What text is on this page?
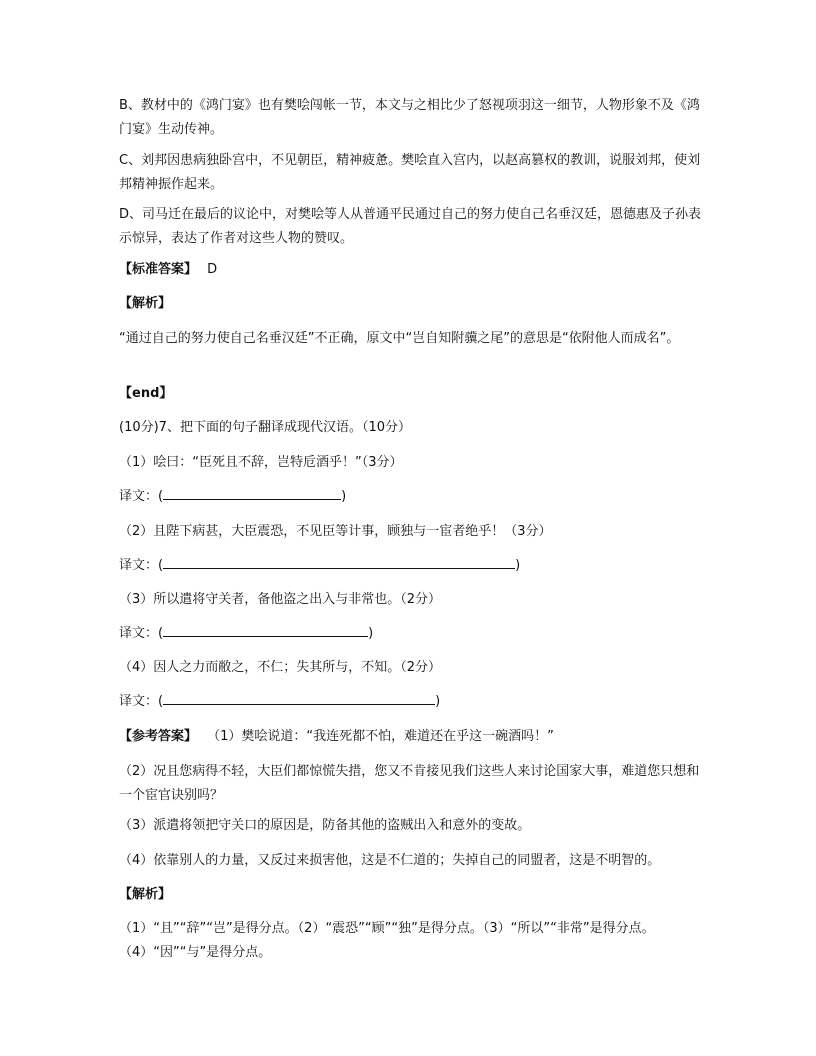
B、教材中的《鸿门宴》也有樊哙闯帐一节，本文与之相比少了怒视项羽这一细节，人物形象不及《鸿门宴》生动传神。
C、刘邦因患病独卧宫中，不见朝臣，精神疲惫。樊哙直入宫内，以赵高篡权的教训，说服刘邦，使刘邦精神振作起来。
D、司马迁在最后的议论中，对樊哙等人从普通平民通过自己的努力使自己名垂汉廷，恩德惠及子孙表示惊异，表达了作者对这些人物的赞叹。
【标准答案】 D
【解析】
“通过自己的努力使自己名垂汉廷”不正确，原文中“岂自知附骥之尾”的意思是“依附他人而成名”。
【end】
(10分)7、把下面的句子翻译成现代汉语。（10分）
（1）哙曰：“臣死且不辞，岂特卮酒乎！”（3分）
译文：(	)
（2）且陛下病甚，大臣震恐，不见臣等计事，顾独与一宦者绝乎！（3分）
译文：(	)
（3）所以遣将守关者，备他盗之出入与非常也。（2分）
译文：(	)
（4）因人之力而敝之，不仁；失其所与，不知。（2分）
译文：(	)
【参考答案】 （1）樊哙说道：“我连死都不怕，难道还在乎这一碗酒吗！”
（2）况且您病得不轻，大臣们都惊慌失措，您又不肯接见我们这些人来讨论国家大事，难道您只想和一个宦官诀别吗？
（3）派遣将领把守关口的原因是，防备其他的盗贼出入和意外的变故。
（4）依靠别人的力量，又反过来损害他，这是不仁道的；失掉自己的同盟者，这是不明智的。
【解析】
（1）“且”“辞”“岂”是得分点。（2）“震恐”“顾”“独”是得分点。（3）“所以”“非常”是得分点。（4）“因”“与”是得分点。
